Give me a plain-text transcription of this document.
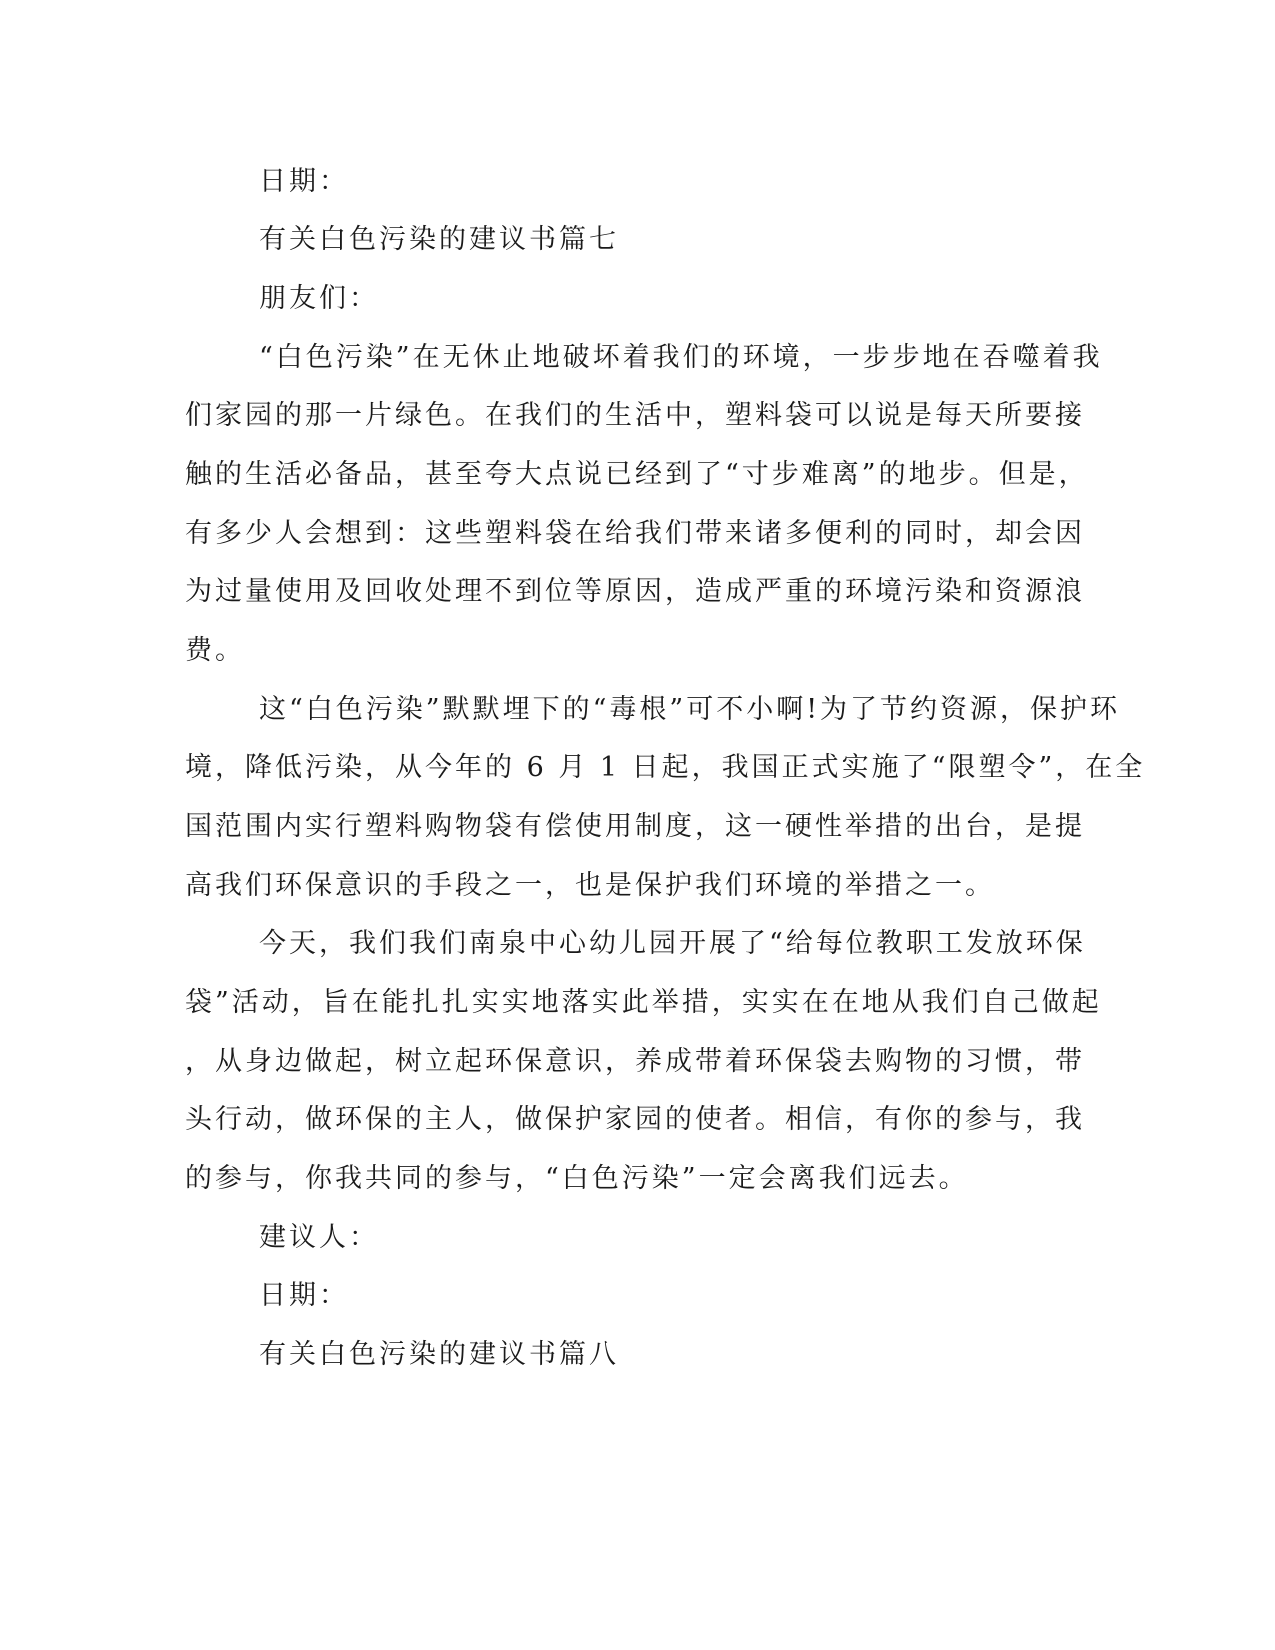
日期：
有关白色污染的建议书篇七
朋友们：
“白色污染”在无休止地破坏着我们的环境，一步步地在吞噬着我
们家园的那一片绿色。在我们的生活中，塑料袋可以说是每天所要接
触的生活必备品，甚至夸大点说已经到了“寸步难离”的地步。但是，
有多少人会想到：这些塑料袋在给我们带来诸多便利的同时，却会因
为过量使用及回收处理不到位等原因，造成严重的环境污染和资源浪
费。
这“白色污染”默默埋下的“毒根”可不小啊!为了节约资源，保护环
境，降低污染，从今年的 6 月 1 日起，我国正式实施了“限塑令”，在全
国范围内实行塑料购物袋有偿使用制度，这一硬性举措的出台，是提
高我们环保意识的手段之一，也是保护我们环境的举措之一。
今天，我们我们南泉中心幼儿园开展了“给每位教职工发放环保
袋”活动，旨在能扎扎实实地落实此举措，实实在在地从我们自己做起
，从身边做起，树立起环保意识，养成带着环保袋去购物的习惯，带
头行动，做环保的主人，做保护家园的使者。相信，有你的参与，我
的参与，你我共同的参与，“白色污染”一定会离我们远去。
建议人：
日期：
有关白色污染的建议书篇八
